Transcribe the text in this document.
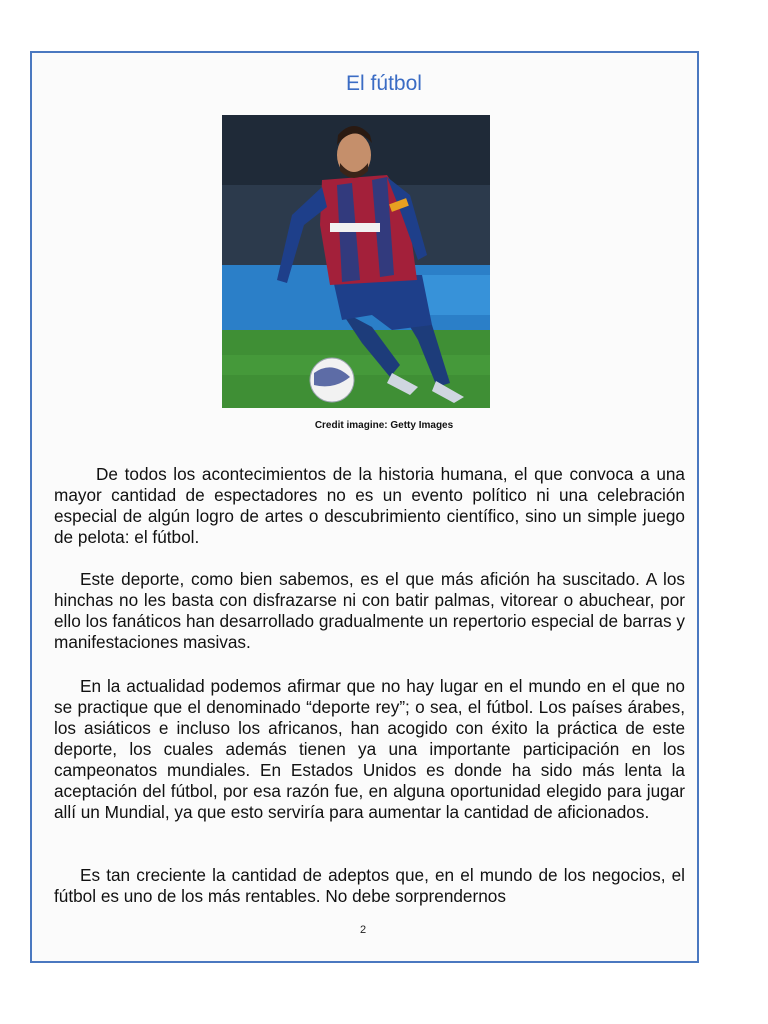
El fútbol
Credit imagine: Getty Images

De todos los acontecimientos de la historia humana, el que convoca a una mayor cantidad de espectadores no es un evento político ni una celebración especial de algún logro de artes o descubrimiento científico, sino un simple juego de pelota: el fútbol.

Este deporte, como bien sabemos, es el que más afición ha suscitado. A los hinchas no les basta con disfrazarse ni con batir palmas, vitorear o abuchear, por ello los fanáticos han desarrollado gradualmente un repertorio especial de barras y manifestaciones masivas.

En la actualidad podemos afirmar que no hay lugar en el mundo en el que no se practique que el denominado “deporte rey”; o sea, el fútbol. Los países árabes, los asiáticos e incluso los africanos, han acogido con éxito la práctica de este deporte, los cuales además tienen ya una importante participación en los campeonatos mundiales. En Estados Unidos es donde ha sido más lenta la aceptación del fútbol, por esa razón fue, en alguna oportunidad elegido para jugar allí un Mundial, ya que esto serviría para aumentar la cantidad de aficionados.

Es tan creciente la cantidad de adeptos que, en el mundo de los negocios, el fútbol es uno de los más rentables. No debe sorprendernos

2
